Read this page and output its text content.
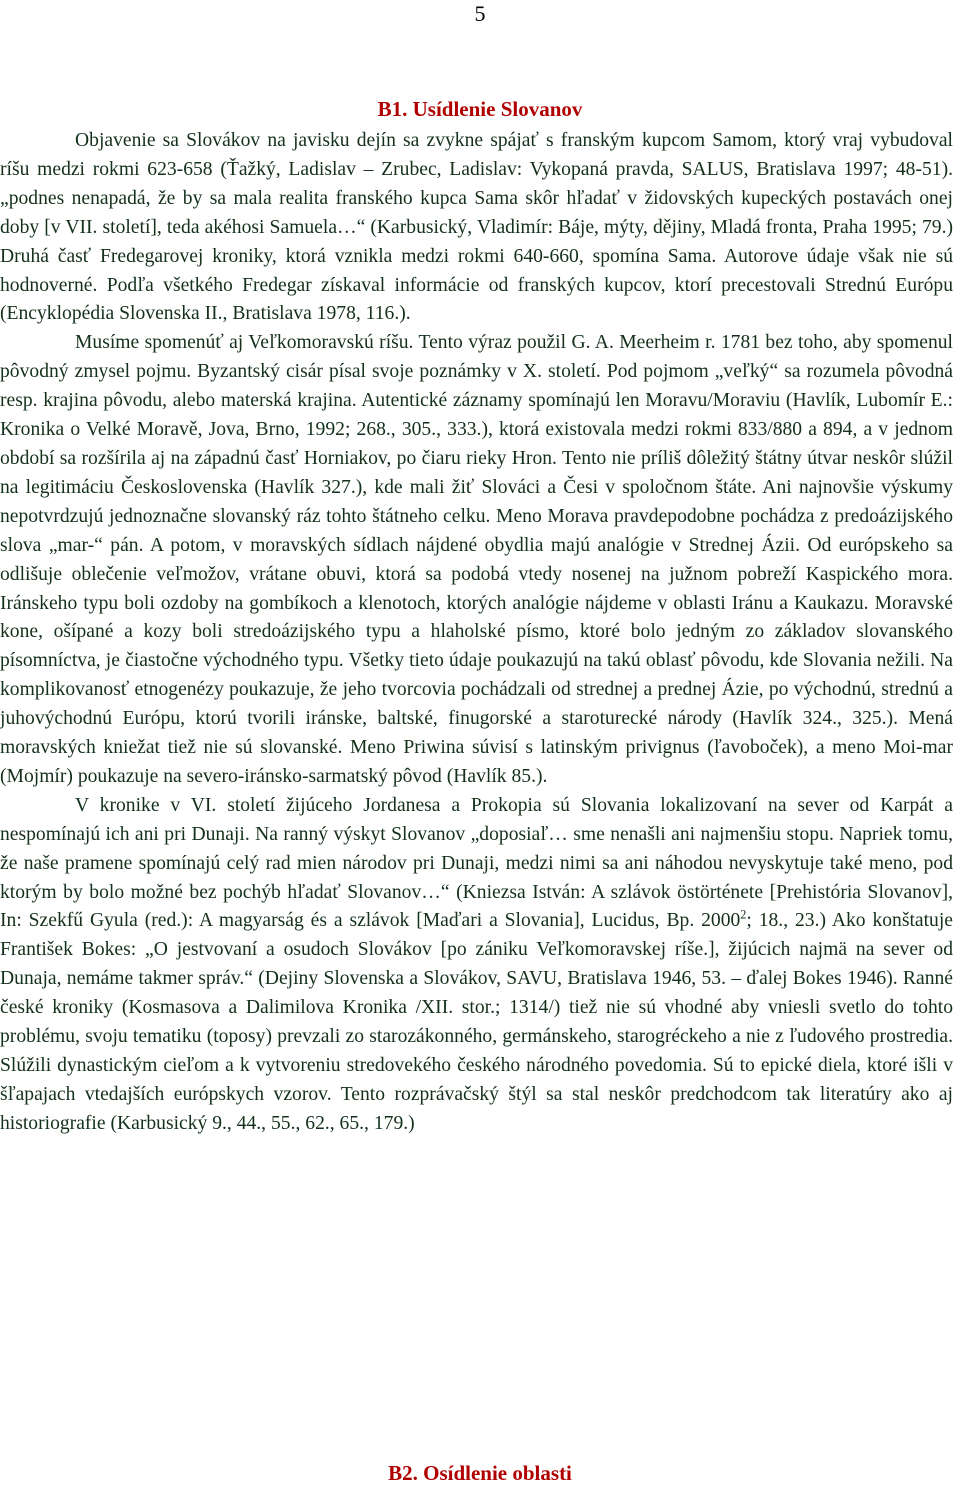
5
B1. Usídlenie Slovanov

Objavenie sa Slovákov na javisku dejín sa zvykne spájať s franským kupcom Samom, ktorý vraj vybudoval ríšu medzi rokmi 623-658 (Ťažký, Ladislav – Zrubec, Ladislav: Vykopaná pravda, SALUS, Bratislava 1997; 48-51). „podnes nenapadá, že by sa mala realita franského kupca Sama skôr hľadať v židovských kupeckých postavách onej doby [v VII. století], teda akéhosi Samuela…“ (Karbusický, Vladimír: Báje, mýty, dějiny, Mladá fronta, Praha 1995; 79.) Druhá časť Fredegarovej kroniky, ktorá vznikla medzi rokmi 640-660, spomína Sama. Autorove údaje však nie sú hodnoverné. Podľa všetkého Fredegar získaval informácie od franských kupcov, ktorí precestovali Strednú Európu (Encyklopédia Slovenska II., Bratislava 1978, 116.).

Musíme spomenúť aj Veľkomoravskú ríšu. Tento výraz použil G. A. Meerheim r. 1781 bez toho, aby spomenul pôvodný zmysel pojmu. Byzantský cisár písal svoje poznámky v X. století. Pod pojmom „veľký“ sa rozumela pôvodná resp. krajina pôvodu, alebo materská krajina. Autentické záznamy spomínajú len Moravu/Moraviu (Havlík, Lubomír E.: Kronika o Velké Moravě, Jova, Brno, 1992; 268., 305., 333.), ktorá existovala medzi rokmi 833/880 a 894, a v jednom období sa rozšírila aj na západnú časť Horniakov, po čiaru rieky Hron. Tento nie príliš dôležitý štátny útvar neskôr slúžil na legitimáciu Československa (Havlík 327.), kde mali žiť Slováci a Česi v spoločnom štáte. Ani najnovšie výskumy nepotvrdzujú jednoznačne slovanský ráz tohto štátneho celku. Meno Morava pravdepodobne pochádza z predoázijského slova „mar-“ pán. A potom, v moravských sídlach nájdené obydlia majú analógie v Strednej Ázii. Od európskeho sa odlišuje oblečenie veľmožov, vrátane obuvi, ktorá sa podobá vtedy nosenej na južnom pobreží Kaspického mora. Iránskeho typu boli ozdoby na gombíkoch a klenotoch, ktorých analógie nájdeme v oblasti Iránu a Kaukazu. Moravské kone, ošípané a kozy boli stredoázijského typu a hlaholské písmo, ktoré bolo jedným zo základov slovanského písomníctva, je čiastočne východného typu. Všetky tieto údaje poukazujú na takú oblasť pôvodu, kde Slovania nežili. Na komplikovanosť etnogenézy poukazuje, že jeho tvorcovia pochádzali od strednej a prednej Ázie, po východnú, strednú a juhovýchodnú Európu, ktorú tvorili iránske, baltské, finugorské a staroturecké národy (Havlík 324., 325.). Mená moravských kniežat tiež nie sú slovanské. Meno Priwina súvisí s latinským privignus (ľavoboček), a meno Moi-mar (Mojmír) poukazuje na severo-iránsko-sarmatský pôvod (Havlík 85.).

V kronike v VI. století žijúceho Jordanesa a Prokopia sú Slovania lokalizovaní na sever od Karpát a nespomínajú ich ani pri Dunaji. Na ranný výskyt Slovanov „doposiaľ… sme nenašli ani najmenšiu stopu. Napriek tomu, že naše pramene spomínajú celý rad mien národov pri Dunaji, medzi nimi sa ani náhodou nevyskytuje také meno, pod ktorým by bolo možné bez pochýb hľadať Slovanov…“ (Kniezsa István: A szlávok östörténete [Prehistória Slovanov], In: Szekfű Gyula (red.): A magyarság és a szlávok [Maďari a Slovania], Lucidus, Bp. 2000$^2$; 18., 23.) Ako konštatuje František Bokes: „O jestvovaní a osudoch Slovákov [po zániku Veľkomoravskej ríše.], žijúcich najmä na sever od Dunaja, nemáme takmer správ.“ (Dejiny Slovenska a Slovákov, SAVU, Bratislava 1946, 53. – ďalej Bokes 1946). Ranné české kroniky (Kosmasova a Dalimilova Kronika /XII. stor.; 1314/) tiež nie sú vhodné aby vniesli svetlo do tohto problému, svoju tematiku (toposy) prevzali zo starozákonného, germánskeho, starogréckeho a nie z ľudového prostredia. Slúžili dynastickým cieľom a k vytvoreniu stredovekého českého národného povedomia. Sú to epické diela, ktoré išli v šľapajach vtedajších európskych vzorov. Tento rozprávačský štýl sa stal neskôr predchodcom tak literatúry ako aj historiografie (Karbusický 9., 44., 55., 62., 65., 179.)

B2. Osídlenie oblasti
